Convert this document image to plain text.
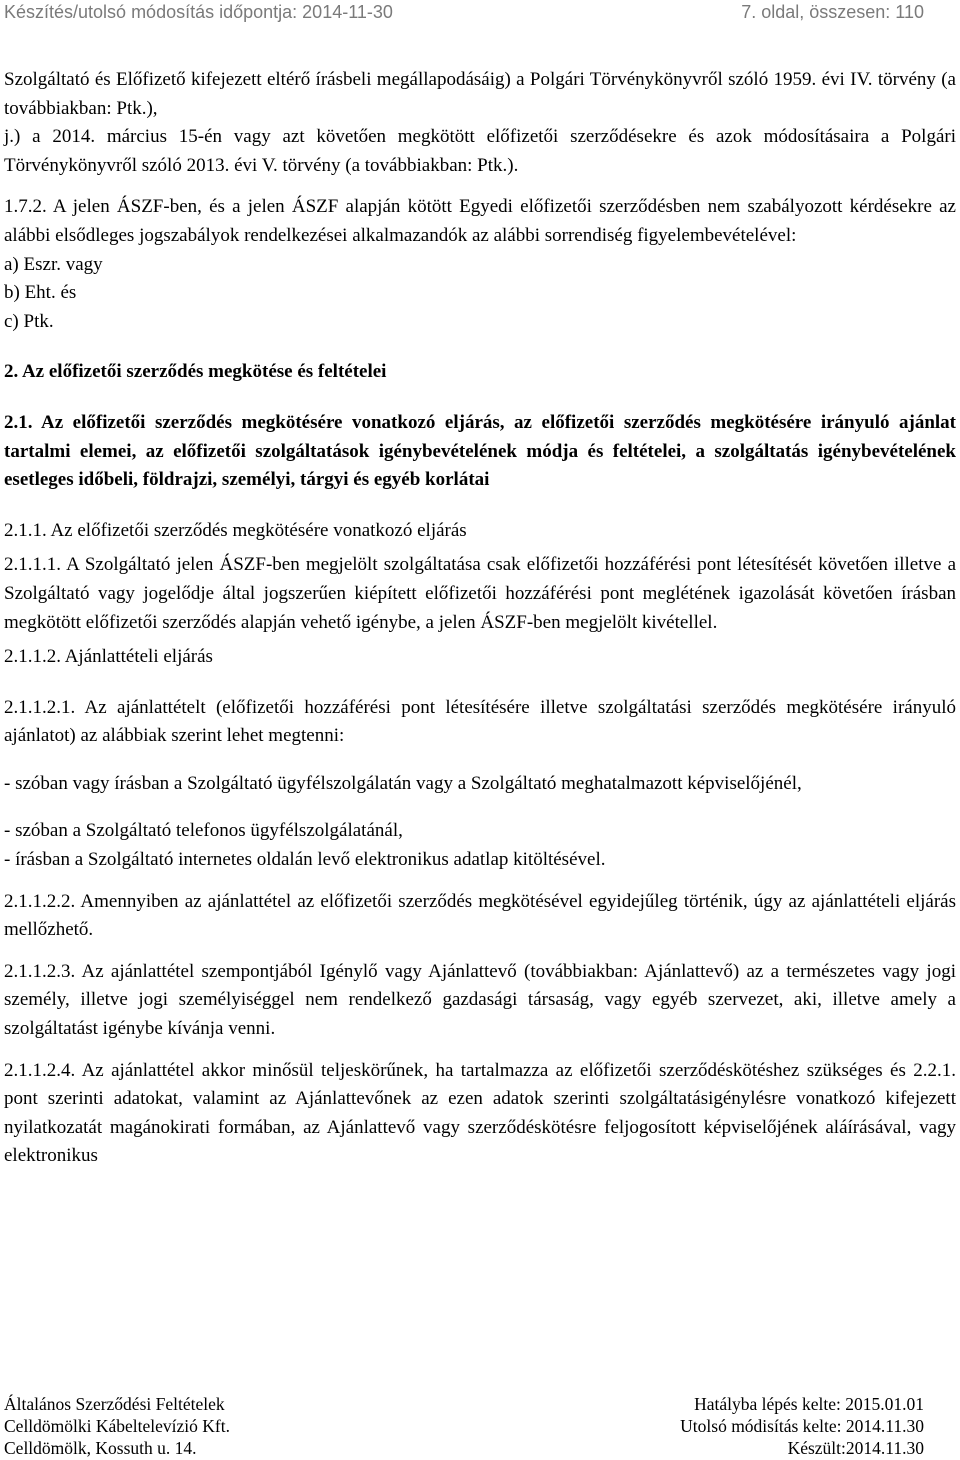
Készítés/utolsó módosítás időpontja: 2014-11-30	7. oldal, összesen: 110

Szolgáltató és Előfizető kifejezett eltérő írásbeli megállapodásáig) a Polgári Törvénykönyvről szóló 1959. évi IV. törvény (a továbbiakban: Ptk.),

j.) a 2014. március 15-én vagy azt követően megkötött előfizetői szerződésekre és azok módosításaira a Polgári Törvénykönyvről szóló 2013. évi V. törvény (a továbbiakban: Ptk.).

1.7.2. A jelen ÁSZF-ben, és a jelen ÁSZF alapján kötött Egyedi előfizetői szerződésben nem szabályozott kérdésekre az alábbi elsődleges jogszabályok rendelkezései alkalmazandók az alábbi sorrendiség figyelembevételével:

a) Eszr. vagy

b) Eht. és

c) Ptk.

2. Az előfizetői szerződés megkötése és feltételei

2.1. Az előfizetői szerződés megkötésére vonatkozó eljárás, az előfizetői szerződés megkötésére irányuló ajánlat tartalmi elemei, az előfizetői szolgáltatások igénybevételének módja és feltételei, a szolgáltatás igénybevételének esetleges időbeli, földrajzi, személyi, tárgyi és egyéb korlátai

2.1.1. Az előfizetői szerződés megkötésére vonatkozó eljárás

2.1.1.1. A Szolgáltató jelen ÁSZF-ben megjelölt szolgáltatása csak előfizetői hozzáférési pont létesítését követően illetve a Szolgáltató vagy jogelődje által jogszerűen kiépített előfizetői hozzáférési pont meglétének igazolását követően írásban megkötött előfizetői szerződés alapján vehető igénybe, a jelen ÁSZF-ben megjelölt kivétellel.

2.1.1.2. Ajánlattételi eljárás

2.1.1.2.1. Az ajánlattételt (előfizetői hozzáférési pont létesítésére illetve szolgáltatási szerződés megkötésére irányuló ajánlatot) az alábbiak szerint lehet megtenni:

- szóban vagy írásban a Szolgáltató ügyfélszolgálatán vagy a Szolgáltató meghatalmazott képviselőjénél,

- szóban a Szolgáltató telefonos ügyfélszolgálatánál,

- írásban a Szolgáltató internetes oldalán levő elektronikus adatlap kitöltésével.

2.1.1.2.2. Amennyiben az ajánlattétel az előfizetői szerződés megkötésével egyidejűleg történik, úgy az ajánlattételi eljárás mellőzhető.

2.1.1.2.3. Az ajánlattétel szempontjából Igénylő vagy Ajánlattevő (továbbiakban: Ajánlattevő) az a természetes vagy jogi személy, illetve jogi személyiséggel nem rendelkező gazdasági társaság, vagy egyéb szervezet, aki, illetve amely a szolgáltatást igénybe kívánja venni.

2.1.1.2.4. Az ajánlattétel akkor minősül teljeskörűnek, ha tartalmazza az előfizetői szerződéskötéshez szükséges és 2.2.1. pont szerinti adatokat, valamint az Ajánlattevőnek az ezen adatok szerinti szolgáltatásigénylésre vonatkozó kifejezett nyilatkozatát magánokirati formában, az Ajánlattevő vagy szerződéskötésre feljogosított képviselőjének aláírásával, vagy elektronikus

Általános Szerződési Feltételek	Hatályba lépés kelte: 2015.01.01
Celldömölki Kábeltelevízió Kft.	Utolsó módisítás kelte: 2014.11.30
Celldömölk, Kossuth u. 14.	Készült:2014.11.30
